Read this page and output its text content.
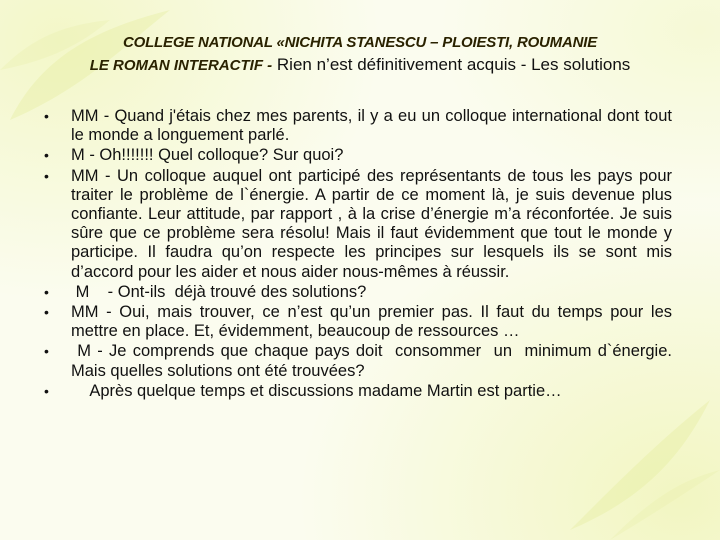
COLLEGE NATIONAL «NICHITA STANESCU – PLOIESTI, ROUMANIE
LE ROMAN INTERACTIF - Rien n’est définitivement acquis - Les solutions
• MM - Quand j'étais chez mes parents, il y a eu un colloque international dont tout le monde a longuement parlé.
• M - Oh!!!!!!! Quel colloque? Sur quoi?
• MM - Un colloque auquel ont participé des représentants de tous les pays pour traiter le problème de l`énergie. A partir de ce moment là, je suis devenue plus confiante. Leur attitude, par rapport , à la crise d’énergie m’a réconfortée. Je suis sûre que ce problème sera résolu! Mais il faut évidemment que tout le monde y participe. Il faudra qu’on respecte les principes sur lesquels ils se sont mis d’accord pour les aider et nous aider nous-mêmes à réussir.
• M    - Ont-ils  déjà trouvé des solutions?
• MM - Oui, mais trouver, ce n’est qu’un premier pas. Il faut du temps pour les mettre en place. Et, évidemment, beaucoup de ressources …
• M - Je comprends que chaque pays doit  consommer  un  minimum d`énergie.  Mais quelles solutions ont été trouvées?
• Après quelque temps et discussions madame Martin est partie…
